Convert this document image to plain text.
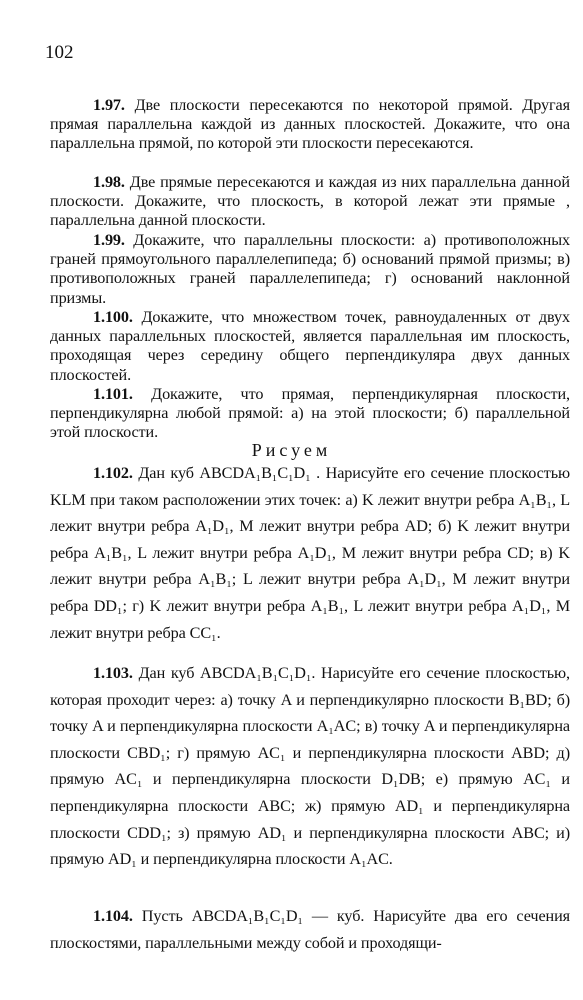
102
1.97. Две плоскости пересекаются по некоторой прямой. Другая прямая параллельна каждой из данных плоскостей. Докажите, что она параллельна прямой, по которой эти плоскости пересекаются.
1.98. Две прямые пересекаются и каждая из них параллельна данной плоскости. Докажите, что плоскость, в которой лежат эти прямые , параллельна данной плоскости.
1.99. Докажите, что параллельны плоскости: а) противоположных граней прямоугольного параллелепипеда; б) оснований прямой призмы; в) противоположных граней параллелепипеда; г) оснований наклонной призмы.
1.100. Докажите, что множеством точек, равноудаленных от двух данных параллельных плоскостей, является параллельная им плоскость, проходящая через середину общего перпендикуляра двух данных плоскостей.
1.101. Докажите, что прямая, перпендикулярная плоскости, перпендикулярна любой прямой: а) на этой плоскости; б) параллельной этой плоскости.
Рисуем
1.102. Дан куб ABCDA₁B₁C₁D₁ . Нарисуйте его сечение плоскостью KLM при таком расположении этих точек: а) K лежит внутри ребра A₁B₁, L лежит внутри ребра A₁D₁, M лежит внутри ребра AD; б) K лежит внутри ребра A₁B₁, L лежит внутри ребра A₁D₁, M лежит внутри ребра CD; в) K лежит внутри ребра A₁B₁; L лежит внутри ребра A₁D₁, M лежит внутри ребра DD₁; г) K лежит внутри ребра A₁B₁, L лежит внутри ребра A₁D₁, M лежит внутри ребра CC₁.
1.103. Дан куб ABCDA₁B₁C₁D₁. Нарисуйте его сечение плоскостью, которая проходит через: а) точку A и перпендикулярно плоскости B₁BD; б) точку A и перпендикулярна плоскости A₁AC; в) точку A и перпендикулярна плоскости CBD₁; г) прямую AC₁ и перпендикулярна плоскости ABD; д) прямую AC₁ и перпендикулярна плоскости D₁DB; е) прямую AC₁ и перпендикулярна плоскости ABC; ж) прямую AD₁ и перпендикулярна плоскости CDD₁; з) прямую AD₁ и перпендикулярна плоскости ABC; и) прямую AD₁ и перпендикулярна плоскости A₁AC.
1.104. Пусть ABCDA₁B₁C₁D₁ — куб. Нарисуйте два его сечения плоскостями, параллельными между собой и проходящи-
